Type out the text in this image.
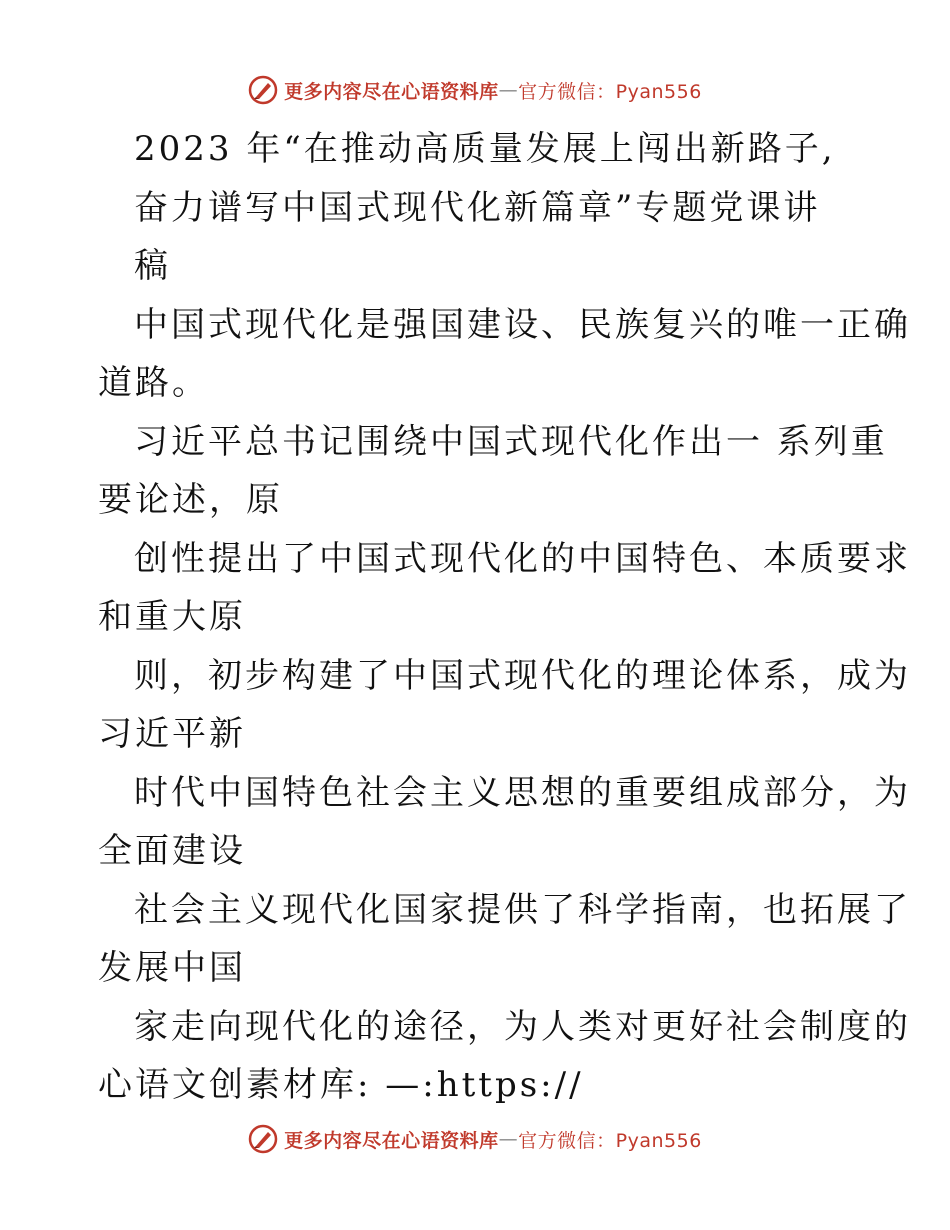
更多内容尽在心语资料库 — 官方微信：Pyan556
2023 年“在推动高质量发展上闯出新路子,
奋力谱写中国式现代化新篇章”专题党课讲
稿
中国式现代化是强国建设、民族复兴的唯一正确
道路。
习近平总书记围绕中国式现代化作出一 系列重
要论述，原
创性提出了中国式现代化的中国特色、本质要求
和重大原
则，初步构建了中国式现代化的理论体系，成为
习近平新
时代中国特色社会主义思想的重要组成部分，为
全面建设
社会主义现代化国家提供了科学指南，也拓展了
发展中国
家走向现代化的途径，为人类对更好社会制度的
心语文创素材库: —:https://
更多内容尽在心语资料库 — 官方微信：Pyan556
